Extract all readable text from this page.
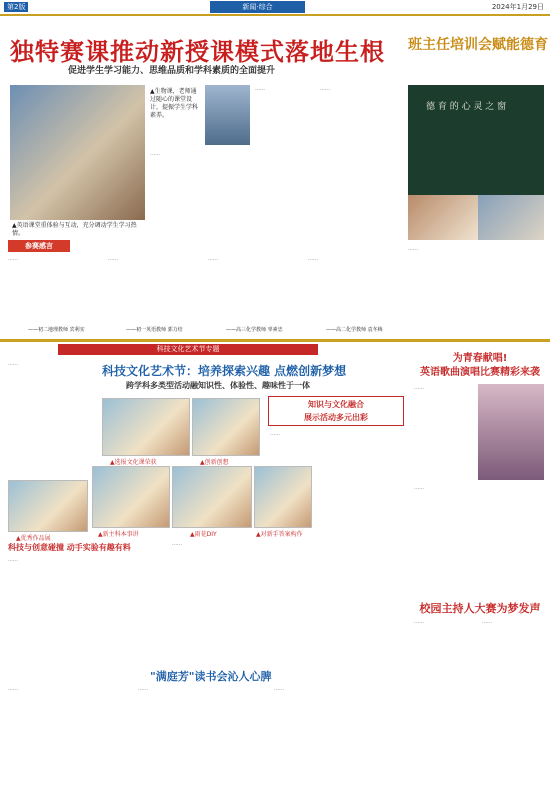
第2版	新闻·综合	2024年1月29日
独特赛课推动新授课模式落地生根
促进学生学习能力、思维品质和学科素质的全面提升
▲英语课堂重体验与互动，充分调动学生学习热情。
▲生物课，老师通过随心的课堂设计，提振学生学科素养。
……	……
……
班主任培训会赋能德育
德 育 的 心 灵 之 窗
……
参赛感言
……
——初二地理教师 宾利实
……
——初一英语教师 郭力结
……
——高三化学教师 辜素忠
……
——高二化学教师 袁冬梅
科技文化艺术节专题
……	科技文化艺术节：培养探索兴趣 点燃创新梦想
跨学科多类型活动融知识性、体验性、趣味性于一体
▲选报文化课荣获	▲创新创想
▲雨花DIY
▲优秀作品展
▲新主科本事讲	▲对新手答案构作
知识与文化融合
展示活动多元出彩
……
科技与创意碰撞 动手实验有趣有料
……
……
"满庭芳"读书会沁人心脾
……	……	……
为青春献唱!
英语歌曲演唱比赛精彩来袭
……
……
校园主持人大赛为梦发声
……	……
